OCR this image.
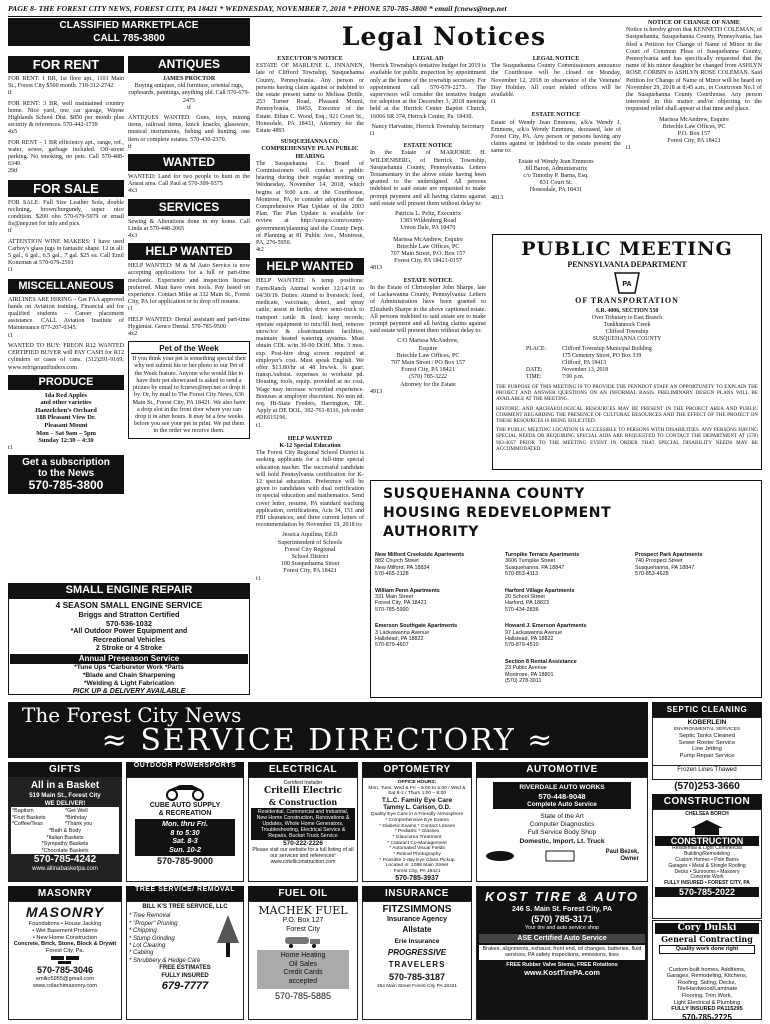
PAGE 8- THE FOREST CITY NEWS, FOREST CITY, PA 18421 * WEDNESDAY, NOVEMBER 7, 2018 * PHONE 570-785-3800 * email fcnews@nep.net
CLASSIFIED MARKETPLACE
CALL 785-3800	Legal Notices
FOR RENT

FOR RENT: 1 BR, 1st floor apt., 1101 Main St., Forest City $500 month. 718-312-2742
tf

FOR RENT: 3 BR, well maintained country home. Nice yard, one car garage, Wayne Highlands School Dist. $850 per month plus security & references. 570-442-1739
4x5

FOR RENT – 1 BR efficiency apt., range, ref., water, sewer, garbage included. Off-street parking. No smoking, no pets. Call 570-488-6349.
29tf

FOR SALE

FOR SALE: Full Size Leather Sofa, double reclining, brown/burgundy, super nice condition. $200 obo 570-679-5079 or email fis@nep.net for info and pics.
tf

ATTENTION WINE MAKERS: I have used Carboy's glass jugs in fantastic shape. 12 in all: 5 gal., 6 gal., 6.5 gal., 7 gal. $25 ea. Call Emil Konzman at 570-679-2591
t1

MISCELLANEOUS

AIRLINES ARE HIRING – Get FAA approved hands on Aviation training. Financial aid for qualified students – Career placement assistance. CALL Aviation Institute of Maintenance 877-207-0345.
t1

WANTED TO BUY: FREON R12 WANTED CERTIFIED BUYER will PAY CASH for R12 cylinders or cases of cans. (312)291-9169; www.refrigerantfinders.com

PRODUCE
Ida Red Apples
and other varieties
Hanzelchen’s Orchard
188 Pleasant View Dr.
Pleasant Mount
Mon – Sat 9am – 5pm
Sunday 12:30 – 4:30
t1
Get a subscription
to the News
570-785-3800
ANTIQUES
JAMES PROCTOR

Buying antiques, old furniture, oriental rugs, cupboards, paintings, anything old. Call 570-679-2475
tf

ANTIQUES WANTED: Guns, toys, mining items, railroad items, knick knacks, glassware, musical instruments, fishing and hunting, one item or complete estates. 570-430-2370.
tf

WANTED

WANTED: Land for two people to hunt in the Ararat area. Call Paul at 570-309-9375
4x3

SERVICES

Sewing & Alterations done in my home. Call Linda at 570-448-2065
4x3

HELP WANTED

HELP WANTED: M & M Auto Service is now accepting applications for a full or part-time mechanic. Experience and inspection license preferred. Must have own tools. Pay based on experience. Contact Mike at 332 Main St., Forest City, PA for application or to drop off resume.
t1

HELP WANTED: Dental assistant and part-time Hygienist. Genco Dental. 570-785-9500
4x2

Pet of the Week
If you think your pet is something special then why not submit his or her photo to our Pet of the Week feature. Anyone who would like to have their pet showcased is asked to send a picture by email to fcnews@nep.net or drop it by. Or, by mail to The Forest City News, 636 Main St., Forest City, PA 18421. We also have a drop slot in the front door where you can drop it in after hours. It may be a few weeks before you see your pet in print. We put them in the order we receive them.
SMALL ENGINE REPAIR
4 SEASON SMALL ENGINE SERVICE
Briggs and Stratton Certified
570-536-1032
*All Outdoor Power Equipment and
Recreational Vehicles
2 Stroke or 4 Stroke
Annual Preseason Service
*Tune Ups *Carburetor Work *Parts
*Blade and Chain Sharpening
*Welding & Light Fabrication
PICK UP & DELIVERY AVAILABLE
EXECUTOR’S NOTICE

ESTATE OF MARLENE L. INNANEN, late of Clifford Township, Susquehanna County, Pennsylvania. Any person or persons having claim against or indebted to the estate present same to Melissa Dottle, 253 Turner Road, Pleasant Mount, Pennsylvania, 18453, Executor of the Estate. Ethan C. Wood, Esq., 921 Court St., Honesdale, PA 18431, Attorney for the Estate 4893

SUSQUEHANNA CO. COMPREHENSIVE PLAN PUBLIC HEARING

The Susquehanna Co. Board of Commissioners will conduct a public hearing during their regular meeting on Wednesday, November 14, 2018, which begins at 9:00 a.m. at the Courthouse, Montrose, PA, to consider adoption of the Comprehensive Plan Update of the 2003 Plan. The Plan Update is available for review at http://susqco.com/county-government/planning and the County Dept. of Planning at 81 Public Ave., Montrose, PA, 276-5950.
4t2

HELP WANTED

HELP WANTED: 6 temp positions: Farm/Ranch Animal worker 12/14/18 to 04/30/19. Duties: Attend to livestock; feed, medicate, vaccinate, detect, and spray cattle; assist in births; drive semi-truck to transport cattle & feed; keep records; operate equipment to mix/fill feed, remove snow/ice & clean/maintain facilities, maintain heated watering systems. Must obtain CDL w/in 30-90 DOH. Min. 3 mos. exp. Post-hire drug screen required at employer's cost. Must speak English. We offer $13.80/hr at 48 hrs/wk. ¾ guar; transp./subsist. expenses to worksite pd. Housing, tools, equip. provided at no cost. Wage may increase w/verified experience. Bonuses at employer discretion. No min ed. req. Hi-State Feeders, Harrington, DE. Apply at DE DOL, 302-761-8116, job order #DE615196.
t1

HELP WANTED
K-12 Special Education

The Forest City Regional School District is seeking applicants for a full-time special education teacher. The successful candidate will hold Pennsylvania certification for K-12 special education. Preference will be given to candidates with dual certification in special education and mathematics. Send cover letter, resume, PA standard teaching application, certifications, Acts 34, 151 and FBI clearances, and three current letters of recommendation by November 19, 2018 to:

Jessica Aquilina, Ed.D
Superintendent of Schools
Forest City Regional
School District
100 Susquehanna Street
Forest City, PA 18421
t1
LEGAL AD

Herrick Township's tentative budget for 2019 is available for public inspection by appointment only at the home of the township secretary. For appointment call 570-679-2273. The supervisors will consider the tentative budget for adoption at the December 3, 2018 meeting held at the Herrick Center Baptist Church, 16066 SR 374, Herrick Center, Pa. 18430.

Nancy Harvatine, Herrick Township Secretary
t1
ESTATE NOTICE

In the Estate of MARJORIE H. WILDENBERG, of Herrick Township, Susquehanna County, Pennsylvania. Letters Testamentary in the above estate having been granted to the undersigned. All persons indebted to said estate are requested to make prompt payment and all having claims against said estate will present them without delay to:

Patricia L. Peltz, Executrix
1383 Wildenberg Road
Union Dale, PA 18470
Marissa McAndrew, Esquire
Briechle Law Offices, PC
707 Main Street, P.O. Box 157
Forest City, PA 18421-0157
4813
ESTATE NOTICE

In the Estate of Christopher John Sharpe, late of Lackawanna County, Pennsylvania: Letters of Administration have been granted to Elizabeth Sharpe in the above captioned estate. All persons indebted to said estate are to make prompt payment and all having claims against said estate will present them without delay to:

C/O Marissa McAndrew,
Esquire
Briechle Law Offices, PC
707 Main Street / PO Box 157
Forest City, PA 18421
(570) 785-3222
Attorney for the Estate
4913
LEGAL NOTICE

The Susquehanna County Commissioners announce the Courthouse will be closed on Monday, November 12, 2018 in observance of the Veterans' Day Holiday. All court related offices will be available.
t1

ESTATE NOTICE

Estate of Wendy Jean Emmons, a/k/a Wendy J. Emmons, a/k/a Wendy Emmons, deceased, late of Forest City, PA. Any person or persons having any claims against or indebted to the estate present the same to:

Estate of Wendy Jean Emmons
Jill Baron, Administratrix
c/o Timothy P. Barna, Esq.
831 Court St.
Honesdale, PA 18431
4813
NOTICE OF CHANGE OF NAME

Notice is hereby given that KENNETH COLEMAN, of Susquehanna, Susquehanna County, Pennsylvania, has filed a Petition for Change of Name of Minor in the Court of Common Pleas of Susquehanna County, Pennsylvania and has specifically requested that the name of his minor daughter be changed from ASHLYN ROSE CORBIN to ASHLYN ROSE COLEMAN. Said Petition for Change of Name of Minor will be heard on November 29, 2018 at 8:45 a.m., in Courtroom No.1 of the Susquehanna County Courthouse. Any person interested in this matter and/or objecting to the requested relief shall appear at that time and place.

Marissa McAndrew, Esquire
Briechle Law Offices, PC
P.O. Box 157
Forest City, PA 18421
t1
PUBLIC MEETING
PENNSYLVANIA DEPARTMENT
PA
OF TRANSPORTATION
S.R. 4006, SECTION 550
Over Tributary to East Branch
Tunkhannock Creek
Clifford Township
SUSQUEHANNA COUNTY
PLACE:	Clifford Township Municipal Building
175 Cemetery Street, PO Box 339
Clifford, PA 18413
DATE:	November 13, 2018
TIME:	7:00 p.m.

THE PURPOSE OF THIS MEETING IS TO PROVIDE THE PENNDOT STAFF AN OPPORTUNITY TO EXPLAIN THE PROJECT AND ANSWER QUESTIONS ON AN INFORMAL BASIS. PRELIMINARY DESIGN PLANS WILL BE AVAILABLE AT THE MEETING.

HISTORIC AND ARCHAEOLOGICAL RESOURCES MAY BE PRESENT IN THE PROJECT AREA AND PUBLIC COMMENT REGARDING THE PRESENCE OF CULTURAL RESOURCES AND THE EFFECT OF THE PROJECT ON THESE RESOURCES IS BEING SOLICITED.

THE PUBLIC MEETING LOCATION IS ACCESSIBLE TO PERSONS WITH DISABILITIES. ANY PERSONS HAVING SPECIAL NEEDS OR REQUIRING SPECIAL AIDS ARE REQUESTED TO CONTACT THE DEPARTMENT AT (570) 963-4057 PRIOR TO THE MEETING EVENT IN ORDER THAT SPECIAL DISABILITY NEEDS MAY BE ACCOMMODATED.

SUSQUEHANNA COUNTY
HOUSING REDEVELOPMENT
AUTHORITY
New Milford Creekside Apartments
882 Church Street
New Milford, PA 18834
570-465-2128
William Penn Apartments
331 Main Street
Forest City, PA 18421
570-785-5990
Emerson Southgate Apartments
3 Lackawanna Avenue
Hallstead, PA 18822
570-879-4607
Turnpike Terrace Apartments
3606 Turnpike Street
Susquehanna, PA 18847
570-853-4113
Harford Village Apartments
20 School Street
Harford, PA 18823
570-434-2836
Howard J. Emerson Apartments
97 Lackawanna Avenue
Hallstead, PA 18822
570-879-4510
Section 8 Rental Assistance
23 Public Avenue
Montrose, PA 18801
(570) 278-3011
Prospect Park Apartments
740 Prospect Street
Susquehanna, PA 18847
570-853-4628
The Forest City News
≈ SERVICE DIRECTORY ≈
SEPTIC CLEANING
KOBERLEIN
ENVIRONMENTAL SERVICES
Septic Tanks Cleaned
Sewer Rooter Service
Line Jetting
Pump Repair Service
Frozen Lines Thawed
(570)253-3660
GIFTS
All in a Basket
519 Main St., Forest City
WE DELIVER!
*Baptism	*Get Well
*Fruit Baskets	*Birthday
*Coffee/Teas	*Thank you
*Bath & Body
*Italian Baskets
*Sympathy Baskets
*Chocolate Baskets
570-785-4242
www.allinabasketpa.com
OUTDOOR POWERSPORTS
CUBE AUTO SUPPLY
& RECREATION
Mon. thru Fri.
8 to 5:30
Sat. 8-3
Sun. 10-2
570-785-9000
ELECTRICAL
Certified Installer
Critelli Electric
& Construction
Residential, Commercial and Industrial, New Home Construction, Renovations & Updates, Whole Home Generators, Troubleshooting, Electrical Service & Repairs, Bucket Truck Service
570-222-2226
Please visit our website for a full listing of all our services and references!
www.critelliconstruction.com
OPTOMETRY
OFFICE HOURS:
Mon, Tues, Wed & Fri – 9:00 to 5:00 / Wed & Sat 8-2 / Thurs 1:00 – 8:00
T.L.C. Family Eye Care
Tammy L. Carlson, O.D.
Quality Eye Care in a Friendly Atmosphere
* Comprehensive Eye Exams
* Diabetic Exams * Contact Lenses
* Pediatric * Glasses
* Glaucoma Treatment
* Cataract Co-Management
* Automated Visual Fields
* Retinal Photography
* Possible 1-day Eye Glass Pickup
Located in: 1088 Main Street
Forest City, PA 18421
570-785-3937
AUTOMOTIVE
RIVERDALE AUTO WORKS
570-448-9048
Complete Auto Service
State of the Art
Computer Diagnostics
Full Service Body Shop
Domestic, Import, Lt. Truck
Paul Bezek,
Owner
CONSTRUCTION
CHELSEA BORCH
CONSTRUCTION
Residential & Light Commercial
Building/Remodeling
Custom Homes • Pole Barns
Garages • Metal & Shingle Roofing
Decks • Sunrooms • Masonry
Concrete Work
FULLY INSURED • FOREST CITY, PA
570-785-2022
Cory Dulski
General Contracting
Quality work done right
Custom built homes, Additions,
Garages, Remodeling, Kitchens,
Roofing, Siding, Decks,
Tile/Hardwood/Laminate
Flooring, Trim Work,
Light Electrical & Plumbing
FULLY INSURED PA115295
570-785-2725
MASONRY
MASONRY
Foundations • House Jacking
• Wet Basement Problems
• New Home Construction
Concrete, Brick, Stone, Block & Drywit
Forest City, Pa.
570-785-3046
emilio5955@gmail.com
www.colachimasonry.com
TREE SERVICE/ REMOVAL
BILL K'S TREE SERVICE, LLC
* Tree Removal
* "Proper" Pruning
* Chipping
* Stump Grinding
* Lot Clearing
* Cabling
* Shrubbery & Hedge Care
FREE ESTIMATES
FULLY INSURED
679-7777
FUEL OIL
MACHEK FUEL
P.O. Box 127
Forest City
Home Heating
Oil Sales
Credit Cards
accepted
570-785-5885
INSURANCE
FITZSIMMONS
Insurance Agency
Allstate
Erie Insurance
PROGRESSIVE
TRAVELERS
570-785-3187
354 Main Street Forest City PA 18421
KOST TIRE & AUTO
246 S. Main St. Forest City, PA
(570) 785-3171
Your tire and auto service shop
ASE Certified Auto Service
Brakes, alignments, exhaust, front end, oil changes, batteries, fluid services, PA safety inspections, emissions, tires
FREE Rubber Valve Stems, FREE Rotations
www.KostTirePA.com
